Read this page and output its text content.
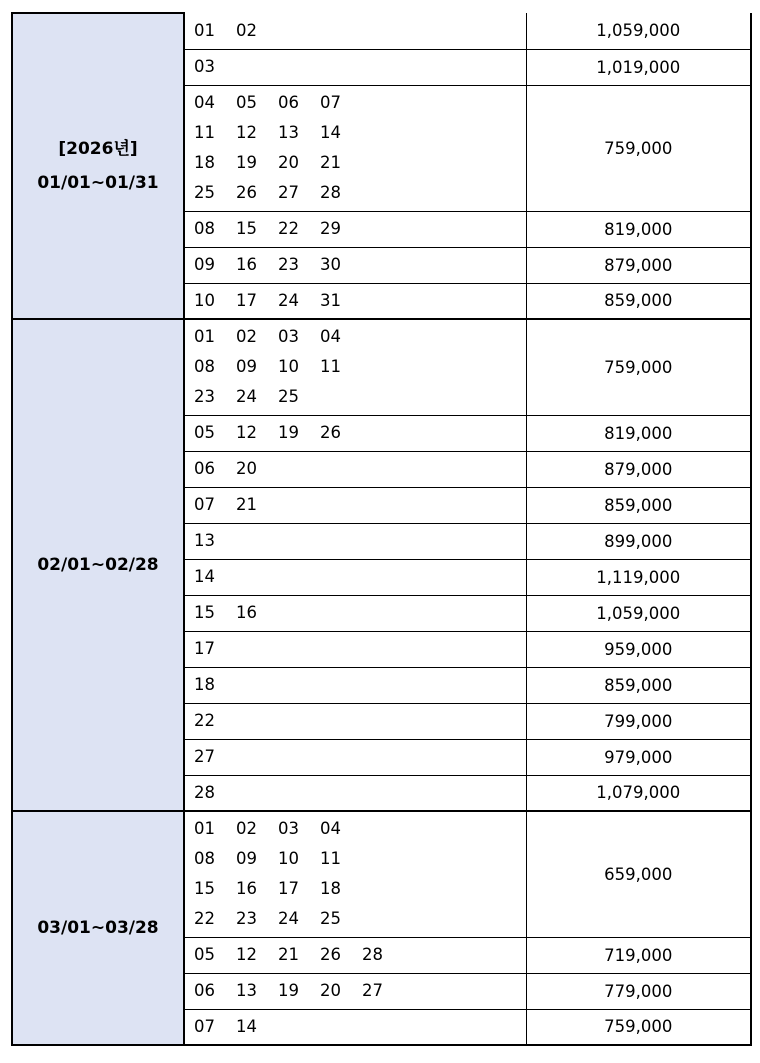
[2026년]
01/01~01/31	01 02	1,059,000

	03	1,019,000

	04 05 06 07
11 12 13 14
18 19 20 21
25 26 27 28	759,000

	08 15 22 29	819,000

	09 16 23 30	879,000

	10 17 24 31	859,000

02/01~02/28	01 02 03 04
08 09 10 11
23 24 25	759,000

	05 12 19 26	819,000

	06 20	879,000

	07 21	859,000

	13	899,000

	14	1,119,000

	15 16	1,059,000

	17	959,000

	18	859,000

	22	799,000

	27	979,000

	28	1,079,000

03/01~03/28	01 02 03 04
08 09 10 11
15 16 17 18
22 23 24 25	659,000

	05 12 21 26 28	719,000

	06 13 19 20 27	779,000

	07 14	759,000
